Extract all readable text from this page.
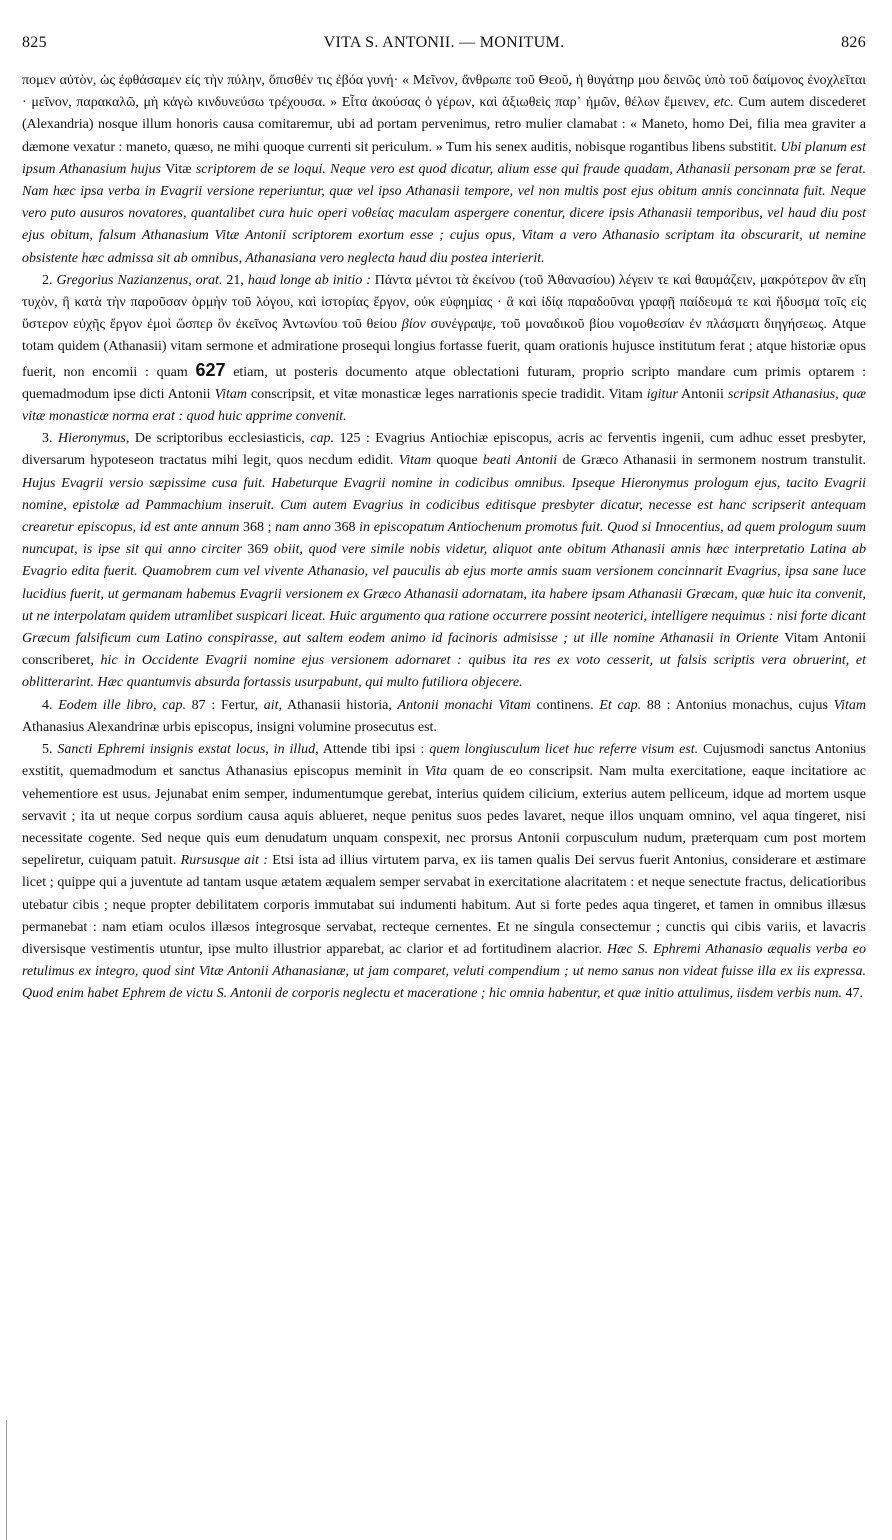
825	VITA S. ANTONII. — MONITUM.	826

πομεν αὐτὸν, ὡς ἐφθάσαμεν εἰς τὴν πύλην, ὄπισθέν τις ἐβόα γυνή· « Μεῖνον, ἄνθρωπε τοῦ Θεοῦ, ἡ θυγάτηρ μου δεινῶς ὑπὸ τοῦ δαίμονος ἐνοχλεῖται · μεῖνον, παρακαλῶ, μὴ κἀγὼ κινδυνεύσω τρέχουσα. » Εἶτα ἀκούσας ὁ γέρων, καὶ ἀξιωθεὶς παρ᾽ ἡμῶν, θέλων ἔμεινεν, etc. Cum autem discederet (Alexandria) nosque illum honoris causa comitaremur, ubi ad portam pervenimus, retro mulier clamabat : « Maneto, homo Dei, filia mea graviter a dæmone vexatur : maneto, quæso, ne mihi quoque currenti sit periculum. » Tum his senex auditis, nobisque rogantibus libens substitit. Ubi planum est ipsum Athanasium hujus Vitæ scriptorem de se loqui. Neque vero est quod dicatur, alium esse qui fraude quadam, Athanasii personam præ se ferat. Nam hæc ipsa verba in Evagrii versione reperiuntur, quæ vel ipso Athanasii tempore, vel non multis post ejus obitum annis concinnata fuit. Neque vero puto ausuros novatores, quantalibet cura huic operi νοθείας maculam aspergere conentur, dicere ipsis Athanasii temporibus, vel haud diu post ejus obitum, falsum Athanasium Vitæ Antonii scriptorem exortum esse ; cujus opus, Vitam a vero Athanasio scriptam ita obscurarit, ut nemine obsistente hæc admissa sit ab omnibus, Athanasiana vero neglecta haud diu postea interierit.

2. Gregorius Nazianzenus, orat. 21, haud longe ab initio : Πάντα μέντοι τὰ ἐκείνου (τοῦ Ἀθανασίου) λέγειν τε καὶ θαυμάζειν, μακρότερον ἂν εἴη τυχὸν, ἢ κατὰ τὴν παροῦσαν ὁρμὴν τοῦ λόγου, καὶ ἱστορίας ἔργον, οὐκ εὐφημίας · ἃ καὶ ἰδίᾳ παραδοῦναι γραφῇ παίδευμά τε καὶ ἥδυσμα τοῖς εἰς ὕστερον εὐχῆς ἔργον ἐμοὶ ὥσπερ ὃν ἐκεῖνος Ἀντωνίου τοῦ θείου βίον συνέγραψε, τοῦ μοναδικοῦ βίου νομοθεσίαν ἐν πλάσματι διηγήσεως. Atque totam quidem (Athanasii) vitam sermone et admiratione prosequi longius fortasse fuerit, quam orationis hujusce institutum ferat ; atque historiæ opus fuerit, non encomii : quam 627 etiam, ut posteris documento atque oblectationi futuram, proprio scripto mandare cum primis optarem : quemadmodum ipse dicti Antonii Vitam conscripsit, et vitæ monasticæ leges narrationis specie tradidit. Vitam igitur Antonii scripsit Athanasius, quæ vitæ monasticæ norma erat : quod huic apprime convenit.

3. Hieronymus, De scriptoribus ecclesiasticis, cap. 125 : Evagrius Antiochiæ episcopus, acris ac ferventis ingenii, cum adhuc esset presbyter, diversarum hypoteseon tractatus mihi legit, quos necdum edidit. Vitam quoque beati Antonii de Græco Athanasii in sermonem nostrum transtulit. Hujus Evagrii versio sæpissime cusa fuit. Habeturque Evagrii nomine in codicibus omnibus. Ipseque Hieronymus prologum ejus, tacito Evagrii nomine, epistolæ ad Pammachium inseruit. Cum autem Evagrius in codicibus editisque presbyter dicatur, necesse est hanc scripserit antequam crearetur episcopus, id est ante annum 368 ; nam anno 368 in episcopatum Antiochenum promotus fuit. Quod si Innocentius, ad quem prologum suum nuncupat, is ipse sit qui anno circiter 369 obiit, quod vere simile nobis videtur, aliquot ante obitum Athanasii annis hæc interpretatio Latina ab Evagrio edita fuerit. Quamobrem cum vel vivente Athanasio, vel pauculis ab ejus morte annis suam versionem concinnarit Evagrius, ipsa sane luce lucidius fuerit, ut germanam habemus Evagrii versionem ex Græco Athanasii adornatam, ita habere ipsam Athanasii Græcam, quæ huic ita convenit, ut ne interpolatam quidem utramlibet suspicari liceat. Huic argumento qua ratione occurrere possint neoterici, intelligere nequimus : nisi forte dicant Græcum falsificum cum Latino conspirasse, aut saltem eodem animo id facinoris admisisse ; ut ille nomine Athanasii in Oriente Vitam Antonii conscriberet, hic in Occidente Evagrii nomine ejus versionem adornaret : quibus ita res ex voto cesserit, ut falsis scriptis vera obruerint, et oblitterarint. Hæc quantumvis absurda fortassis usurpabunt, qui multo futiliora objecere.

4. Eodem ille libro, cap. 87 : Fertur, ait, Athanasii historia, Antonii monachi Vitam continens. Et cap. 88 : Antonius monachus, cujus Vitam Athanasius Alexandrinæ urbis episcopus, insigni volumine prosecutus est.

5. Sancti Ephremi insignis exstat locus, in illud, Attende tibi ipsi : quem longiusculum licet huc referre visum est. Cujusmodi sanctus Antonius exstitit, quemadmodum et sanctus Athanasius episcopus meminit in Vita quam de eo conscripsit. Nam multa exercitatione, eaque incitatiore ac vehementiore est usus. Jejunabat enim semper, indumentumque gerebat, interius quidem cilicium, exterius autem pelliceum, idque ad mortem usque servavit ; ita ut neque corpus sordium causa aquis ablueret, neque penitus suos pedes lavaret, neque illos unquam omnino, vel aqua tingeret, nisi necessitate cogente. Sed neque quis eum denudatum unquam conspexit, nec prorsus Antonii corpusculum nudum, præterquam cum post mortem sepeliretur, cuiquam patuit. Rursusque ait : Etsi ista ad illius virtutem parva, ex iis tamen qualis Dei servus fuerit Antonius, considerare et æstimare licet ; quippe qui a juventute ad tantam usque ætatem æqualem semper servabat in exercitatione alacritatem : et neque senectute fractus, delicatioribus utebatur cibis ; neque propter debilitatem corporis immutabat sui indumenti habitum. Aut si forte pedes aqua tingeret, et tamen in omnibus illæsus permanebat : nam etiam oculos illæsos integrosque servabat, recteque cernentes. Et ne singula consectemur ; cunctis qui cibis variis, et lavacris diversisque vestimentis utuntur, ipse multo illustrior apparebat, ac clarior et ad fortitudinem alacrior. Hæc S. Ephremi Athanasio æqualis verba eo retulimus ex integro, quod sint Vitæ Antonii Athanasianæ, ut jam comparet, veluti compendium ; ut nemo sanus non videat fuisse illa ex iis expressa. Quod enim habet Ephrem de victu S. Antonii de corporis neglectu et maceratione ; hic omnia habentur, et quæ initio attulimus, iisdem verbis num. 47.
